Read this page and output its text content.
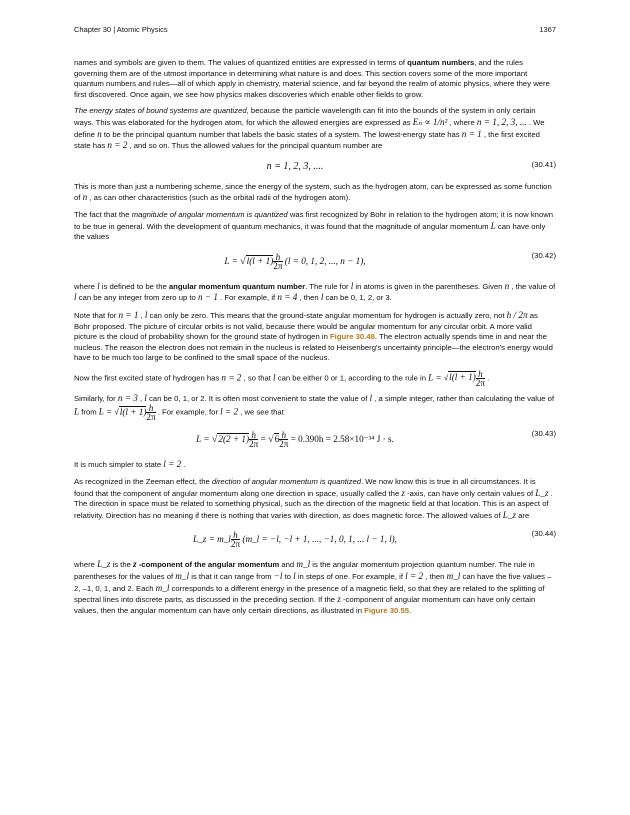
Chapter 30 | Atomic Physics	1367

names and symbols are given to them. The values of quantized entities are expressed in terms of quantum numbers, and the rules governing them are of the utmost importance in determining what nature is and does. This section covers some of the more important quantum numbers and rules—all of which apply in chemistry, material science, and far beyond the realm of atomic physics, where they were first discovered. Once again, we see how physics makes discoveries which enable other fields to grow.

The energy states of bound systems are quantized, because the particle wavelength can fit into the bounds of the system in only certain ways. This was elaborated for the hydrogen atom, for which the allowed energies are expressed as Eₙ ∝ 1/n² , where n = 1, 2, 3, ... . We define n to be the principal quantum number that labels the basic states of a system. The lowest-energy state has n = 1 , the first excited state has n = 2 , and so on. Thus the allowed values for the principal quantum number are

n = 1, 2, 3, ....	(30.41)

This is more than just a numbering scheme, since the energy of the system, such as the hydrogen atom, can be expressed as some function of n , as can other characteristics (such as the orbital radii of the hydrogen atom).

The fact that the magnitude of angular momentum is quantized was first recognized by Bohr in relation to the hydrogen atom; it is now known to be true in general. With the development of quantum mechanics, it was found that the magnitude of angular momentum L can have only the values

$L = √l(l + 1) \frac{h}{2\pi} (l = 0$, 1, 2, ..., n − 1),
(30.42)

where l is defined to be the angular momentum quantum number. The rule for l in atoms is given in the parentheses. Given n , the value of l can be any integer from zero up to n − 1 . For example, if n = 4 , then l can be 0, 1, 2, or 3.

Note that for n = 1 , l can only be zero. This means that the ground-state angular momentum for hydrogen is actually zero, not h / 2π as Bohr proposed. The picture of circular orbits is not valid, because there would be angular momentum for any circular orbit. A more valid picture is the cloud of probability shown for the ground state of hydrogen in Figure 30.48. The electron actually spends time in and near the nucleus. The reason the electron does not remain in the nucleus is related to Heisenberg's uncertainty principle—the electron's energy would have to be much too large to be confined to the small space of the nucleus.

Now the first excited state of hydrogen has n = 2 , so that l can be either 0 or 1, according to the rule in $L = √l(l + 1) \frac{h}{2\pi}$ .

Similarly, for n = 3 , l can be 0, 1, or 2. It is often most convenient to state the value of l , a simple integer, rather than calculating the value of L from $L = √l(l + 1) \frac{h}{2\pi}$ . For example, for l = 2 , we see that

$L = √2(2 + 1) \frac{h}{2\pi} = √6 \frac{h}{2\pi} = 0.390h = 2.58\times 10^{-34}$ J · s.
(30.43)

It is much simpler to state l = 2 .

As recognized in the Zeeman effect, the direction of angular momentum is quantized. We now know this is true in all circumstances. It is found that the component of angular momentum along one direction in space, usually called the z -axis, can have only certain values of L_z . The direction in space must be related to something physical, such as the direction of the magnetic field at that location. This is an aspect of relativity. Direction has no meaning if there is nothing that varies with direction, as does magnetic force. The allowed values of L_z are

L_z = m_l $\frac{h}{2\pi}$ (m_l = −l, −l + 1, ..., −1, 0, 1, ... l − 1, l),
(30.44)

where L_z is the z -component of the angular momentum and m_l is the angular momentum projection quantum number. The rule in parentheses for the values of m_l is that it can range from −l to l in steps of one. For example, if l = 2 , then m_l can have the five values –2, –1, 0, 1, and 2. Each m_l corresponds to a different energy in the presence of a magnetic field, so that they are related to the splitting of spectral lines into discrete parts, as discussed in the preceding section. If the z -component of angular momentum can have only certain values, then the angular momentum can have only certain directions, as illustrated in Figure 30.55.
